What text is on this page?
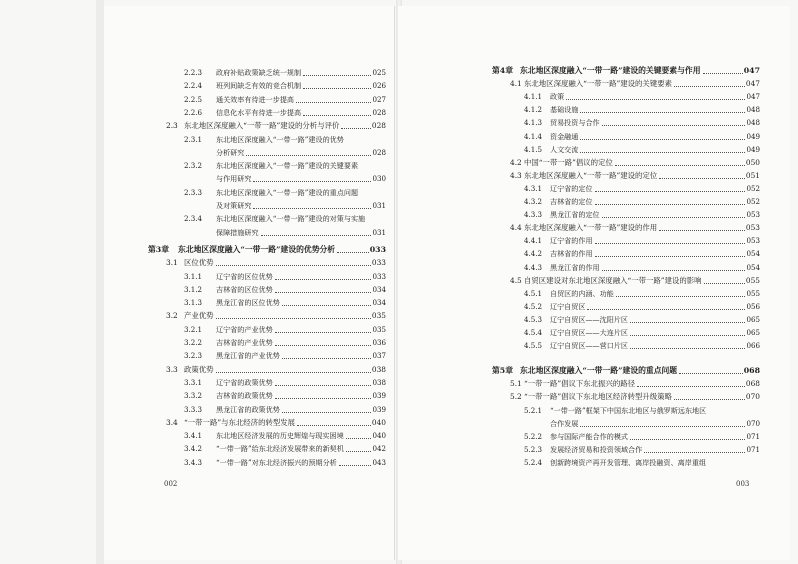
2.2.3	政府补贴政策缺乏统一规制	025
2.2.4	班列间缺乏有效的竞合机制	026
2.2.5	通关效率有待进一步提高	027
2.2.6	信息化水平有待进一步提高	028
2.3 东北地区深度融入“一带一路”建设的分析与评价	028
2.3.1	东北地区深度融入“一带一路”建设的优势
分析研究	028
2.3.2	东北地区深度融入“一带一路”建设的关键要素
与作用研究	030
2.3.3	东北地区深度融入“一带一路”建设的重点问题
及对策研究	031
2.3.4	东北地区深度融入“一带一路”建设的对策与实施
保障措施研究	031
第3章	东北地区深度融入“一带一路”建设的优势分析	033
3.1 区位优势	033
3.1.1	辽宁省的区位优势	033
3.1.2	吉林省的区位优势	034
3.1.3	黑龙江省的区位优势	034
3.2 产业优势	035
3.2.1	辽宁省的产业优势	035
3.2.2	吉林省的产业优势	036
3.2.3	黑龙江省的产业优势	037
3.3 政策优势	038
3.3.1	辽宁省的政策优势	038
3.3.2	吉林省的政策优势	039
3.3.3	黑龙江省的政策优势	039
3.4 “一带一路”与东北经济的转型发展	040
3.4.1	东北地区经济发展的历史辉煌与现实困境	040
3.4.2	“一带一路”给东北经济发展带来的新契机	042
3.4.3	“一带一路”对东北经济振兴的预期分析	043
002
第4章 东北地区深度融入“一带一路”建设的关键要素与作用	047
4.1 东北地区深度融入“一带一路”建设的关键要素	047
4.1.1	政策	047
4.1.2	基础设施	048
4.1.3	贸易投资与合作	048
4.1.4	资金融通	049
4.1.5	人文交流	049
4.2 中国“一带一路”倡议的定位	050
4.3 东北地区深度融入“一带一路”建设的定位	051
4.3.1	辽宁省的定位	052
4.3.2	吉林省的定位	052
4.3.3	黑龙江省的定位	053
4.4 东北地区深度融入“一带一路”建设的作用	053
4.4.1	辽宁省的作用	053
4.4.2	吉林省的作用	054
4.4.3	黑龙江省的作用	054
4.5 自贸区建设对东北地区深度融入“一带一路”建设的影响	055
4.5.1	自贸区的内涵、功能	055
4.5.2	辽宁自贸区	056
4.5.3	辽宁自贸区——沈阳片区	065
4.5.4	辽宁自贸区——大连片区	065
4.5.5	辽宁自贸区——营口片区	066
第5章 东北地区深度融入“一带一路”建设的重点问题	068
5.1 “一带一路”倡议下东北振兴的路径	068
5.2 “一带一路”倡议下东北地区经济转型升级策略	070
5.2.1	“一带一路”框架下中国东北地区与俄罗斯远东地区
合作发展	070
5.2.2	参与国际产能合作的模式	071
5.2.3	发展经济贸易和投资领域合作	071
5.2.4	创新跨境资产再开发管理、离岸投融资、离岸重组
003
